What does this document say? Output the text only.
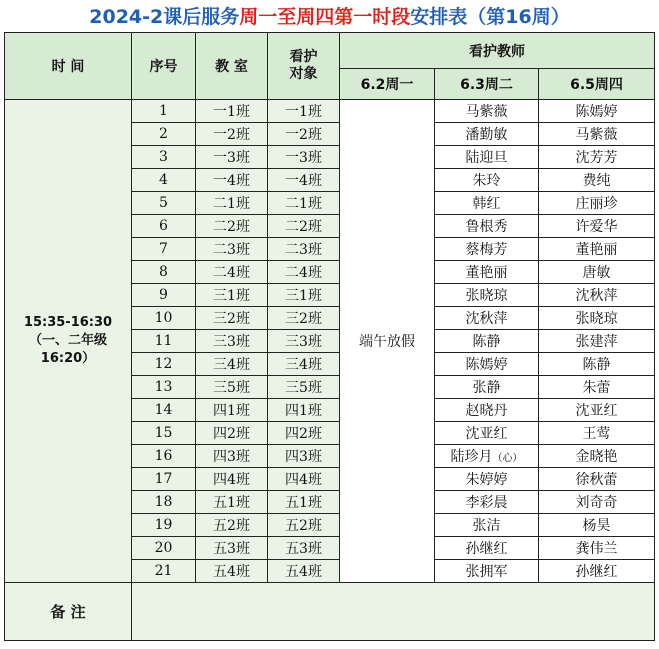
2024-2课后服务周一至周四第一时段安排表（第16周）
时 间	序号	教 室	看护
对象	看护教师		
				6.2周一	6.3周二	6.5周四

15:35-16:30
（一、二年级
16:20）	1	一1班	一1班	端午放假	马紫薇	陈嫣婷
	2	一2班	一2班		潘勤敏	马紫薇
	3	一3班	一3班		陆迎旦	沈芳芳
	4	一4班	一4班		朱玲	费纯
	5	二1班	二1班		韩红	庄丽珍
	6	二2班	二2班		鲁根秀	许爱华
	7	二3班	二3班		蔡梅芳	董艳丽
	8	二4班	二4班		董艳丽	唐敏
	9	三1班	三1班		张晓琼	沈秋萍
	10	三2班	三2班		沈秋萍	张晓琼
	11	三3班	三3班		陈静	张建萍
	12	三4班	三4班		陈嫣婷	陈静
	13	三5班	三5班		张静	朱蕾
	14	四1班	四1班		赵晓丹	沈亚红
	15	四2班	四2班		沈亚红	王莺
	16	四3班	四3班		陆珍月（心）	金晓艳
	17	四4班	四4班		朱婷婷	徐秋蕾
	18	五1班	五1班		李彩晨	刘奇奇
	19	五2班	五2班		张洁	杨昊
	20	五3班	五3班		孙继红	龚伟兰
	21	五4班	五4班		张拥军	孙继红
备 注						
